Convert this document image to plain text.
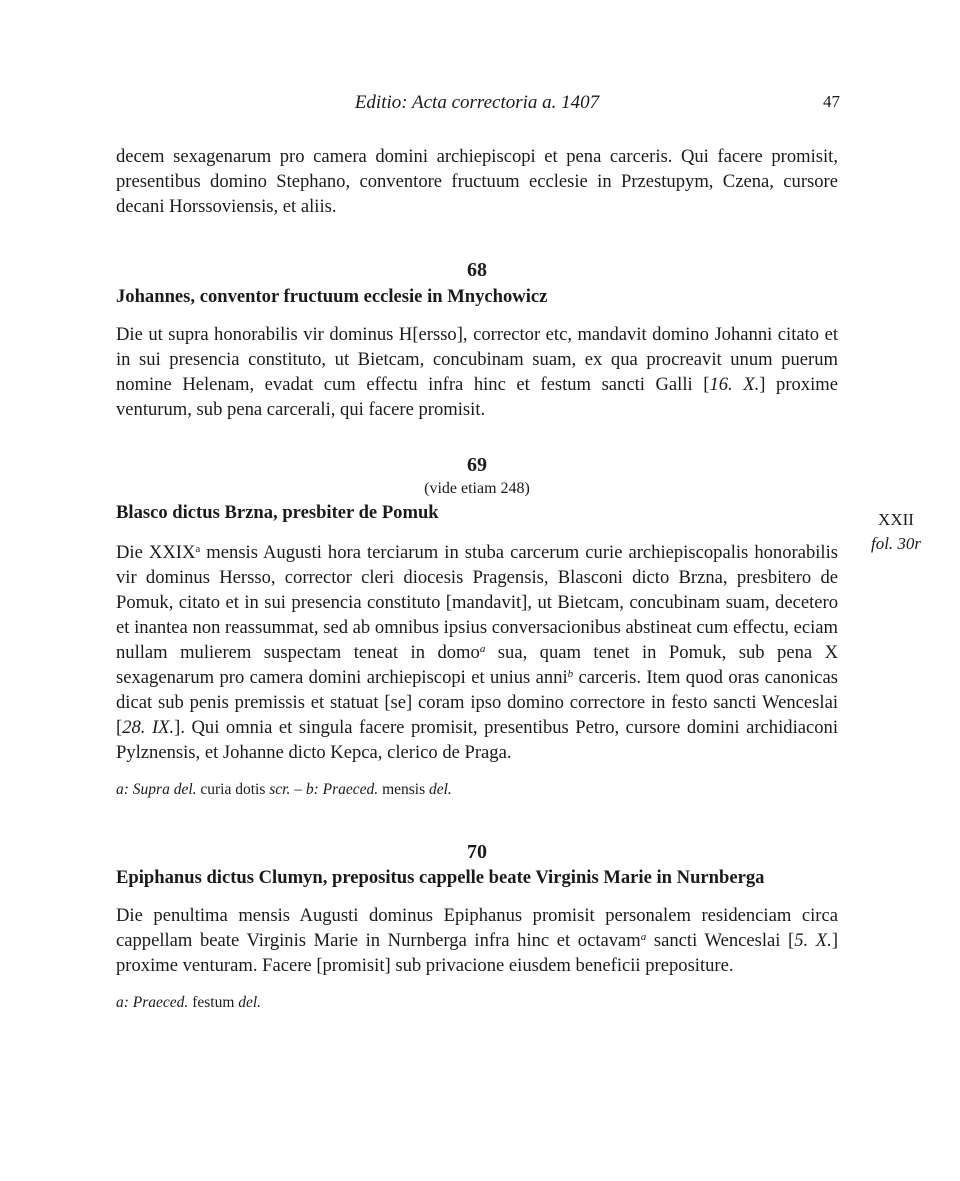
Editio: Acta correctoria a. 1407	47

decem sexagenarum pro camera domini archiepiscopi et pena carceris. Qui facere promisit, presentibus domino Stephano, conventore fructuum ecclesie in Przestupym, Czena, cursore decani Horssoviensis, et aliis.

68

Johannes, conventor fructuum ecclesie in Mnychowicz

Die ut supra honorabilis vir dominus H[ersso], corrector etc, mandavit domino Johanni citato et in sui presencia constituto, ut Bietcam, concubinam suam, ex qua procreavit unum puerum nomine Helenam, evadat cum effectu infra hinc et festum sancti Galli [16. X.] proxime venturum, sub pena carcerali, qui facere promisit.

69

(vide etiam 248)

XXII
fol. 30r

Blasco dictus Brzna, presbiter de Pomuk

Die XXIX$^a$ mensis Augusti hora terciarum in stuba carcerum curie archiepiscopalis honorabilis vir dominus Hersso, corrector cleri diocesis Pragensis, Blasconi dicto Brzna, presbitero de Pomuk, citato et in sui presencia constituto [mandavit], ut Bietcam, concubinam suam, decetero et inantea non reassummat, sed ab omnibus ipsius conversacionibus abstineat cum effectu, eciam nullam mulierem suspectam teneat in domo$^a$ sua, quam tenet in Pomuk, sub pena X sexagenarum pro camera domini archiepiscopi et unius anni$^b$ carceris. Item quod oras canonicas dicat sub penis premissis et statuat [se] coram ipso domino correctore in festo sancti Wenceslai [28. IX.]. Qui omnia et singula facere promisit, presentibus Petro, cursore domini archidiaconi Pylznensis, et Johanne dicto Kepca, clerico de Praga.

a: Supra del. curia dotis scr. – b: Praeced. mensis del.

70

Epiphanus dictus Clumyn, prepositus cappelle beate Virginis Marie in Nurnberga

Die penultima mensis Augusti dominus Epiphanus promisit personalem residenciam circa cappellam beate Virginis Marie in Nurnberga infra hinc et octavam$^a$ sancti Wenceslai [5. X.] proxime venturam. Facere [promisit] sub privacione eiusdem beneficii prepositure.

a: Praeced. festum del.
